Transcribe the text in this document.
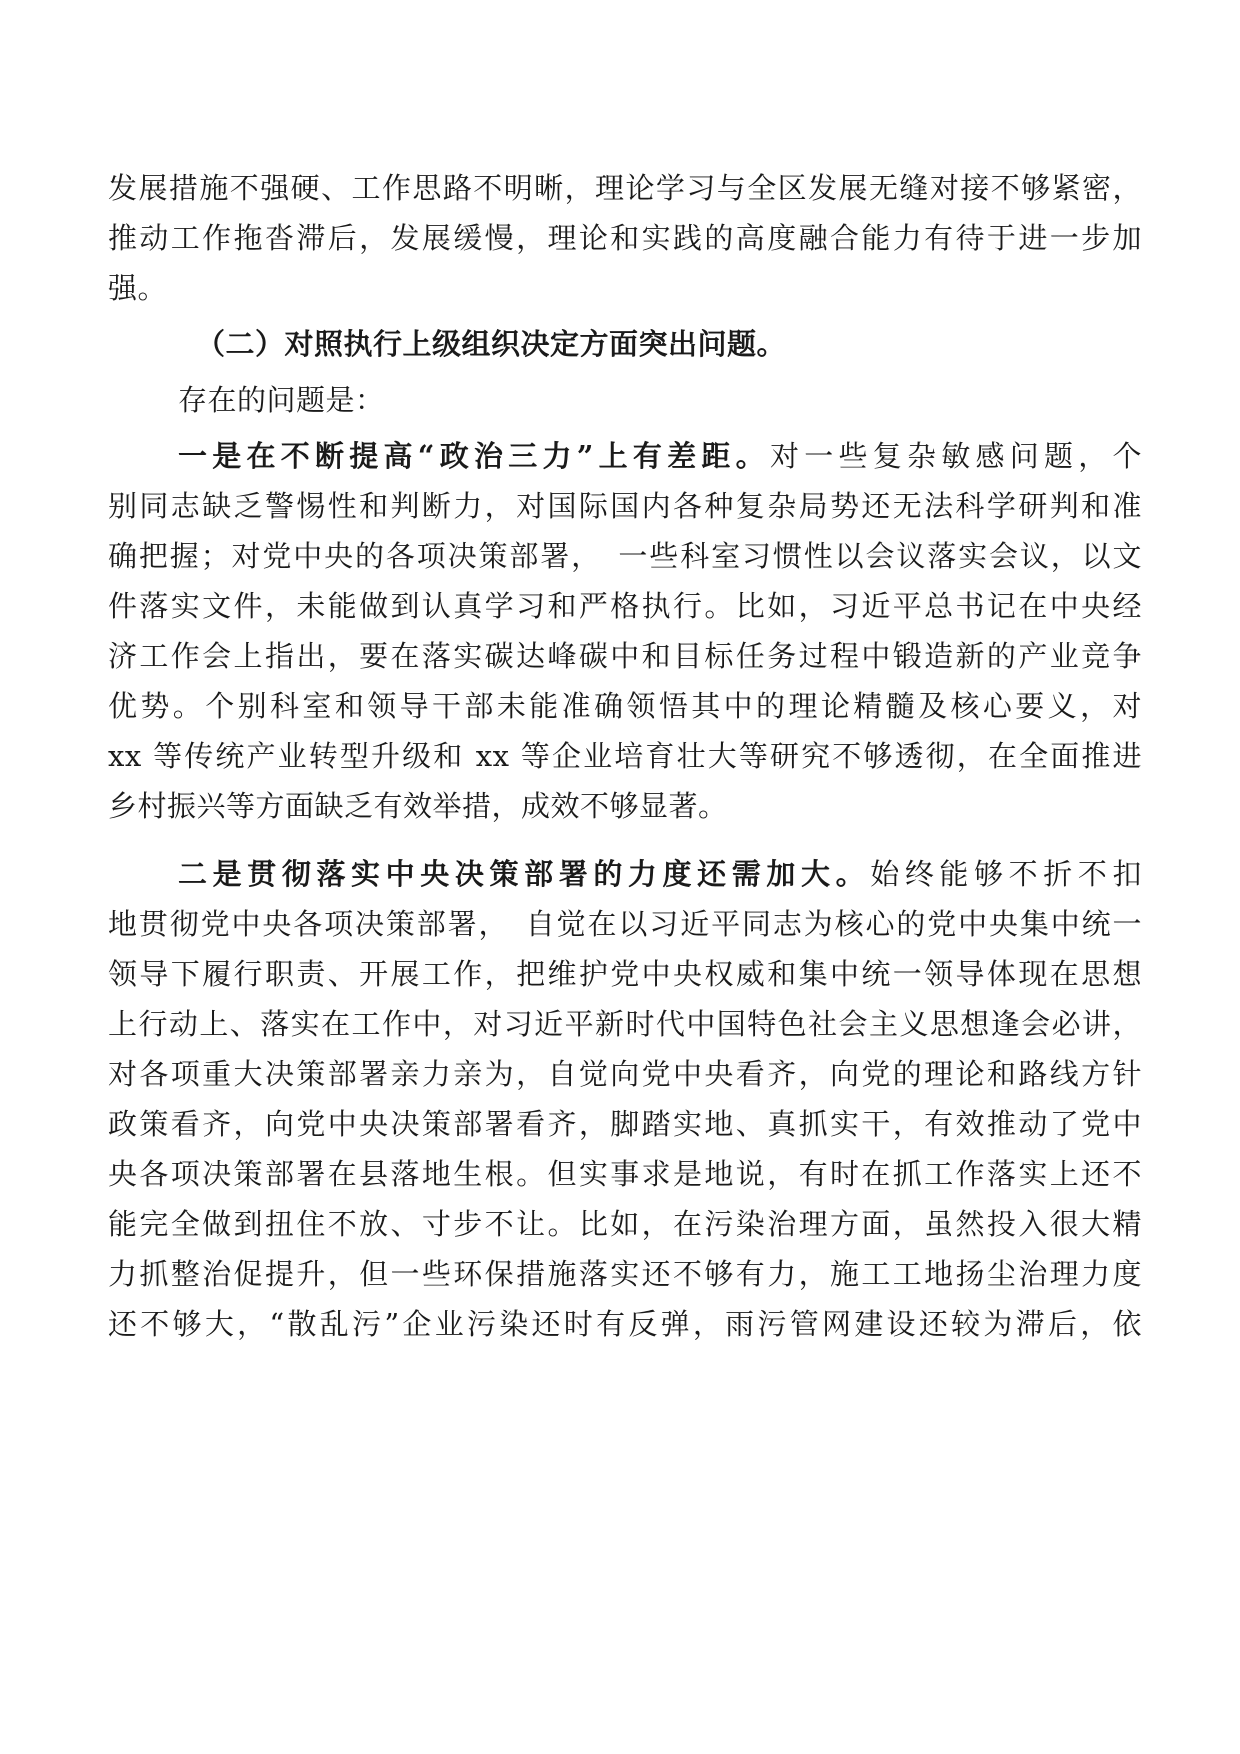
发展措施不强硬、工作思路不明晰，理论学习与全区发展无缝对接不够紧密，
推动工作拖沓滞后，发展缓慢，理论和实践的高度融合能力有待于进一步加
强。
（二）对照执行上级组织决定方面突出问题。
存在的问题是：
一是在不断提高“政治三力”上有差距。对一些复杂敏感问题，个
别同志缺乏警惕性和判断力，对国际国内各种复杂局势还无法科学研判和准
确把握；对党中央的各项决策部署，　一些科室习惯性以会议落实会议，以文
件落实文件，未能做到认真学习和严格执行。比如，习近平总书记在中央经
济工作会上指出，要在落实碳达峰碳中和目标任务过程中锻造新的产业竞争
优势。个别科室和领导干部未能准确领悟其中的理论精髓及核心要义，对
xx 等传统产业转型升级和 xx 等企业培育壮大等研究不够透彻，在全面推进
乡村振兴等方面缺乏有效举措，成效不够显著。
二是贯彻落实中央决策部署的力度还需加大。始终能够不折不扣
地贯彻党中央各项决策部署，　自觉在以习近平同志为核心的党中央集中统一
领导下履行职责、开展工作，把维护党中央权威和集中统一领导体现在思想
上行动上、落实在工作中，对习近平新时代中国特色社会主义思想逢会必讲，
对各项重大决策部署亲力亲为，自觉向党中央看齐，向党的理论和路线方针
政策看齐，向党中央决策部署看齐，脚踏实地、真抓实干，有效推动了党中
央各项决策部署在县落地生根。但实事求是地说，有时在抓工作落实上还不
能完全做到扭住不放、寸步不让。比如，在污染治理方面，虽然投入很大精
力抓整治促提升，但一些环保措施落实还不够有力，施工工地扬尘治理力度
还不够大，“散乱污”企业污染还时有反弹，雨污管网建设还较为滞后，依
